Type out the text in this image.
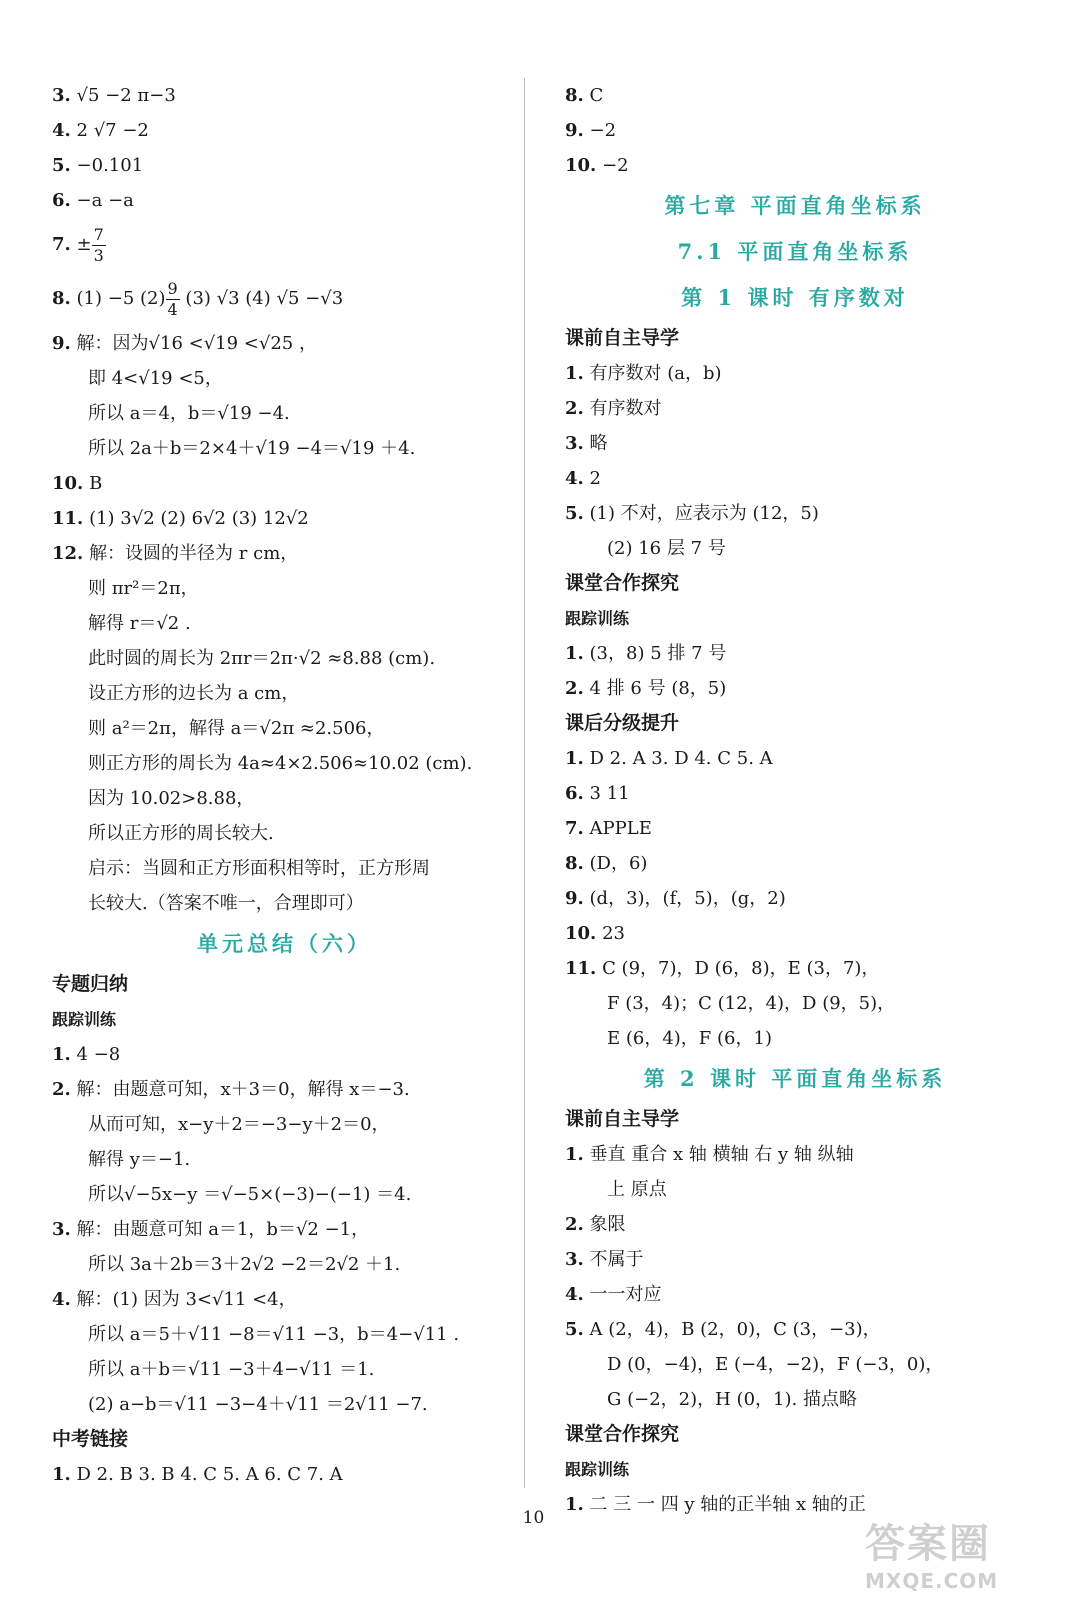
3. √5 −2 π−3
4. 2 √7 −2
5. −0.101
6. −a −a
7. ± $\frac{7}{3}$
8. (1) −5 $(2) \frac{9}{4} (3)$ √3 (4) √5 −√3
9. 解：因为√16 <√19 <√25 ，
即 4<√19 <5，
所以 a＝4，b＝√19 −4.
所以 2a＋b＝2×4＋√19 −4＝√19 ＋4.
10. B
11. (1) 3√2 (2) 6√2 (3) 12√2
12. 解：设圆的半径为 r cm，
则 πr²＝2π，
解得 r＝√2 .
此时圆的周长为 2πr＝2π·√2 ≈8.88 (cm).
设正方形的边长为 a cm，
则 a²＝2π，解得 a＝√2π ≈2.506，
则正方形的周长为 4a≈4×2.506≈10.02 (cm).
因为 10.02>8.88，
所以正方形的周长较大.
启示：当圆和正方形面积相等时，正方形周
长较大.（答案不唯一，合理即可）
单元总结（六）
专题归纳
跟踪训练
1. 4 −8
2. 解：由题意可知，x＋3＝0，解得 x＝−3.
从而可知，x−y＋2＝−3−y＋2＝0，
解得 y＝−1.
所以√−5x−y ＝√−5×(−3)−(−1) ＝4.
3. 解：由题意可知 a＝1，b＝√2 −1，
所以 3a＋2b＝3＋2√2 −2＝2√2 ＋1.
4. 解：(1) 因为 3<√11 <4，
所以 a＝5＋√11 −8＝√11 −3，b＝4−√11 .
所以 a＋b＝√11 −3＋4−√11 ＝1.
(2) a−b＝√11 −3−4＋√11 ＝2√11 −7.
中考链接
1. D 2. B 3. B 4. C 5. A 6. C 7. A
8. C
9. −2
10. −2
第七章 平面直角坐标系
7.1 平面直角坐标系
第 1 课时 有序数对
课前自主导学
1. 有序数对 (a，b)
2. 有序数对
3. 略
4. 2
5. (1) 不对，应表示为 (12，5)
(2) 16 层 7 号
课堂合作探究
跟踪训练
1. (3，8) 5 排 7 号
2. 4 排 6 号 (8，5)
课后分级提升
1. D 2. A 3. D 4. C 5. A
6. 3 11
7. APPLE
8. (D，6)
9. (d，3)，(f，5)，(g，2)
10. 23
11. C (9，7)，D (6，8)，E (3，7)，
F (3，4)；C (12，4)，D (9，5)，
E (6，4)，F (6，1)
第 2 课时 平面直角坐标系
课前自主导学
1. 垂直 重合 x 轴 横轴 右 y 轴 纵轴
上 原点
2. 象限
3. 不属于
4. 一一对应
5. A (2，4)，B (2，0)，C (3，−3)，
D (0，−4)，E (−4，−2)，F (−3，0)，
G (−2，2)，H (0，1). 描点略
课堂合作探究
跟踪训练
1. 二 三 一 四 y 轴的正半轴 x 轴的正
10
答案圈
MXQE.COM
